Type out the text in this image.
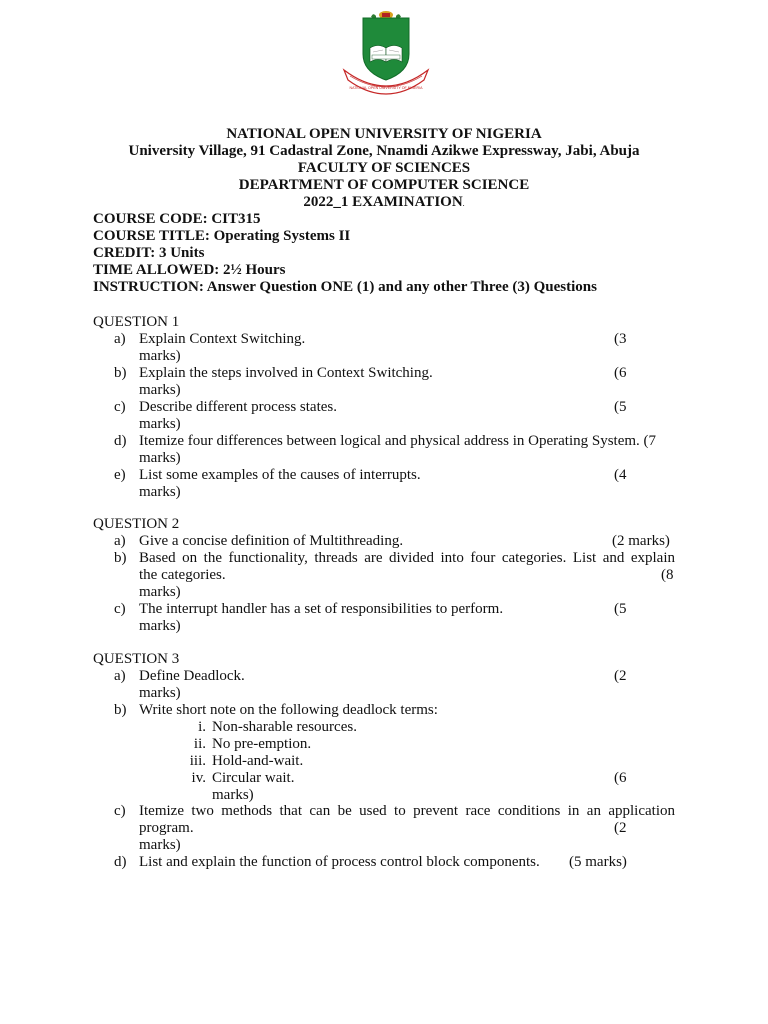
NATIONAL OPEN UNIVERSITY OF NIGERIA
NATIONAL OPEN UNIVERSITY OF NIGERIA
University Village, 91 Cadastral Zone, Nnamdi Azikwe Expressway, Jabi, Abuja
FACULTY OF SCIENCES
DEPARTMENT OF COMPUTER SCIENCE
2022_1 EXAMINATION.
COURSE CODE: CIT315
COURSE TITLE: Operating Systems II
CREDIT: 3 Units
TIME ALLOWED: 2½ Hours
INSTRUCTION: Answer Question ONE (1) and any other Three (3) Questions
QUESTION 1
a) Explain Context Switching.	(3
marks)
b) Explain the steps involved in Context Switching.	(6
marks)
c) Describe different process states.	(5
marks)
d) Itemize four differences between logical and physical address in Operating System. (7
marks)
e) List some examples of the causes of interrupts.	(4
marks)
QUESTION 2
a) Give a concise definition of Multithreading.	(2 marks)
b) Based on the functionality, threads are divided into four categories. List and explain
the categories.	(8
marks)
c) The interrupt handler has a set of responsibilities to perform.	(5
marks)
QUESTION 3
a) Define Deadlock.	(2
marks)
b) Write short note on the following deadlock terms:
i. Non-sharable resources.
ii. No pre-emption.
iii. Hold-and-wait.
iv. Circular wait.	(6
marks)
c) Itemize two methods that can be used to prevent race conditions in an application
program.	(2
marks)
d) List and explain the function of process control block components. (5 marks)
